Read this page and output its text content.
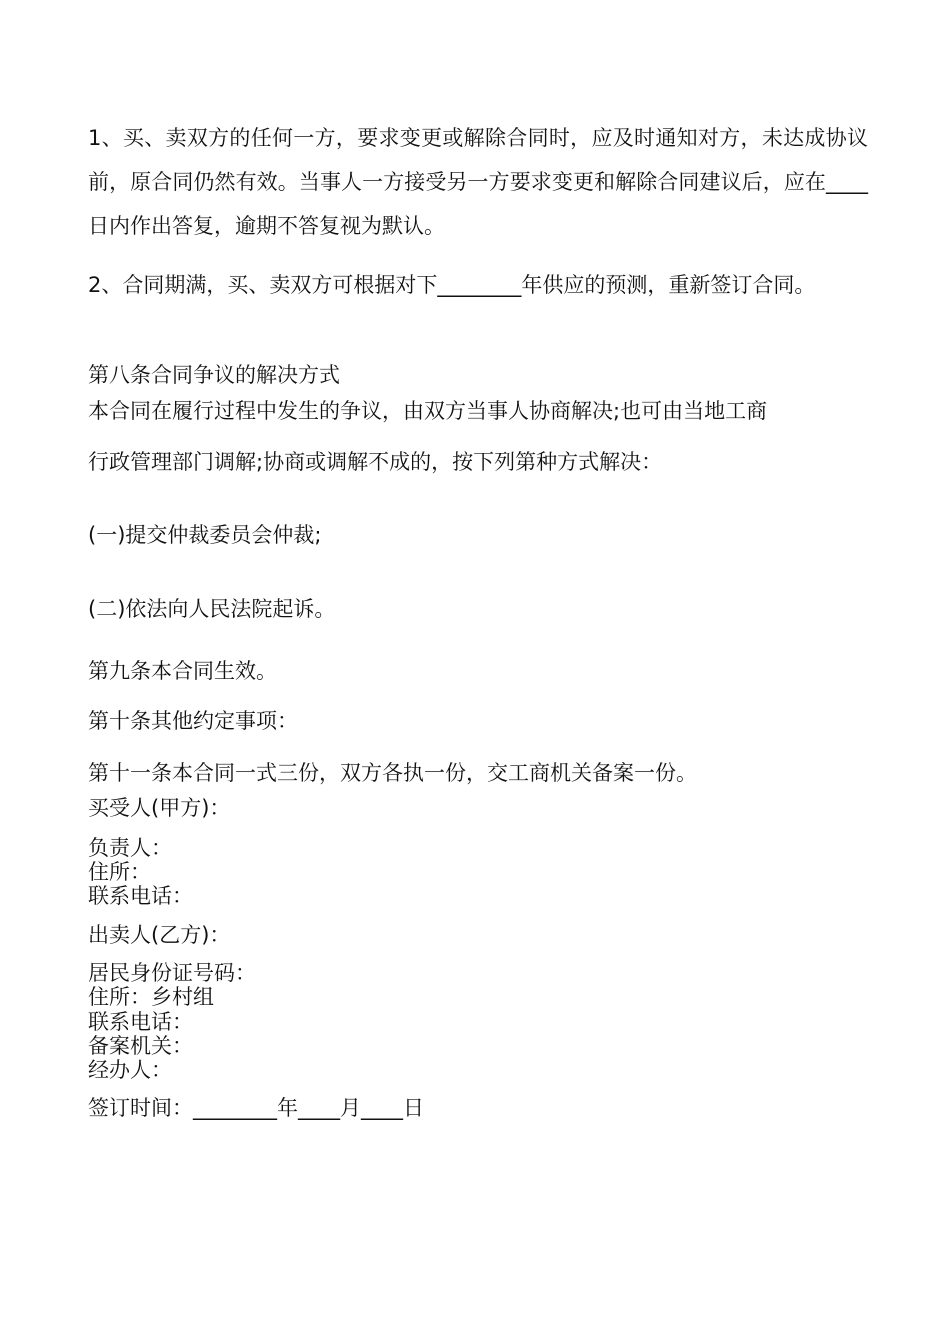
1、买、卖双方的任何一方，要求变更或解除合同时，应及时通知对方，未达成协议前，原合同仍然有效。当事人一方接受另一方要求变更和解除合同建议后，应在____日内作出答复，逾期不答复视为默认。
2、合同期满，买、卖双方可根据对下________年供应的预测，重新签订合同。
第八条合同争议的解决方式
本合同在履行过程中发生的争议，由双方当事人协商解决;也可由当地工商
行政管理部门调解;协商或调解不成的，按下列第种方式解决：
(一)提交仲裁委员会仲裁;
(二)依法向人民法院起诉。
第九条本合同生效。
第十条其他约定事项：
第十一条本合同一式三份，双方各执一份，交工商机关备案一份。
买受人(甲方)：
负责人：
住所：
联系电话：
出卖人(乙方)：
居民身份证号码：
住所：乡村组
联系电话：
备案机关：
经办人：
签订时间：________年____月____日
